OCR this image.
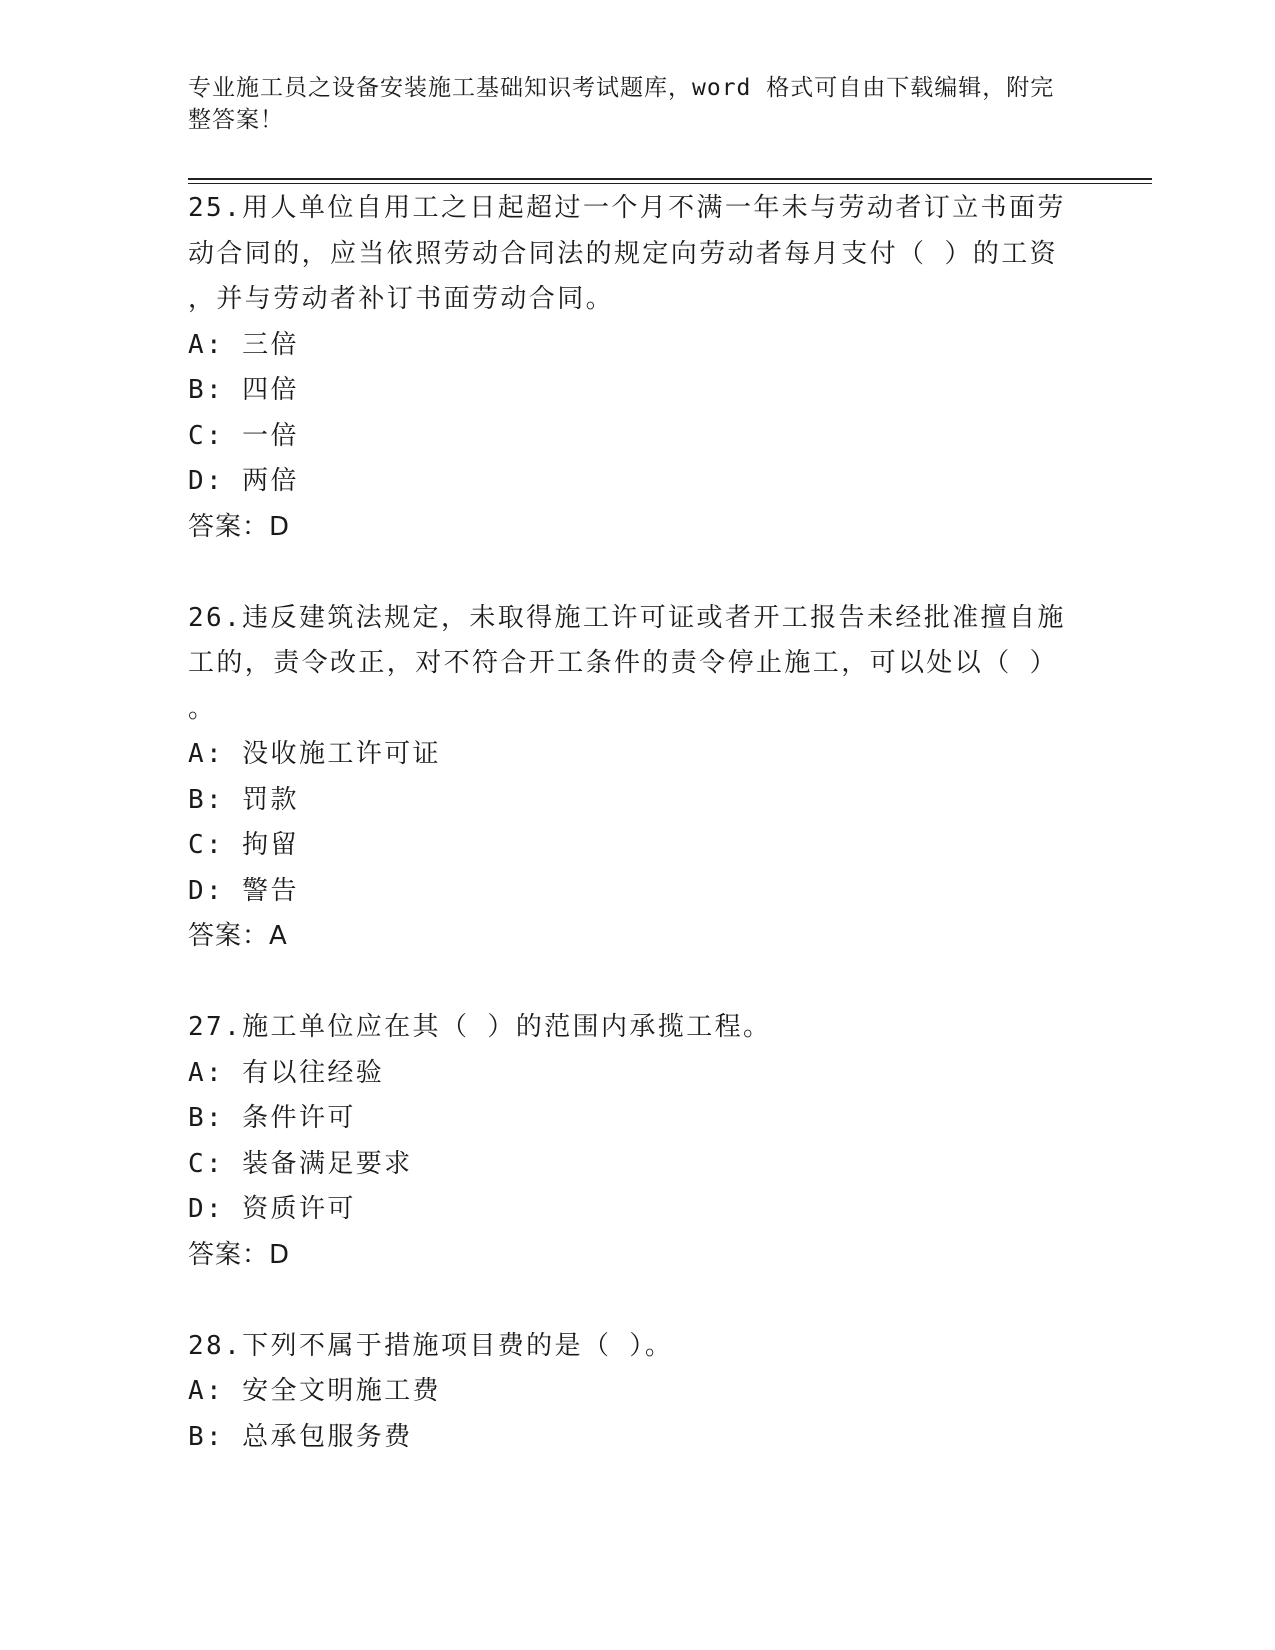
专业施工员之设备安装施工基础知识考试题库，word 格式可自由下载编辑，附完
整答案！
25.用人单位自用工之日起超过一个月不满一年未与劳动者订立书面劳
动合同的，应当依照劳动合同法的规定向劳动者每月支付（ ）的工资
，并与劳动者补订书面劳动合同。
A: 三倍
B: 四倍
C: 一倍
D: 两倍
答案：D
26.违反建筑法规定，未取得施工许可证或者开工报告未经批准擅自施
工的，责令改正，对不符合开工条件的责令停止施工，可以处以（ ）
。
A: 没收施工许可证
B: 罚款
C: 拘留
D: 警告
答案：A
27.施工单位应在其（ ）的范围内承揽工程。
A: 有以往经验
B: 条件许可
C: 装备满足要求
D: 资质许可
答案：D
28.下列不属于措施项目费的是（ ）。
A: 安全文明施工费
B: 总承包服务费
